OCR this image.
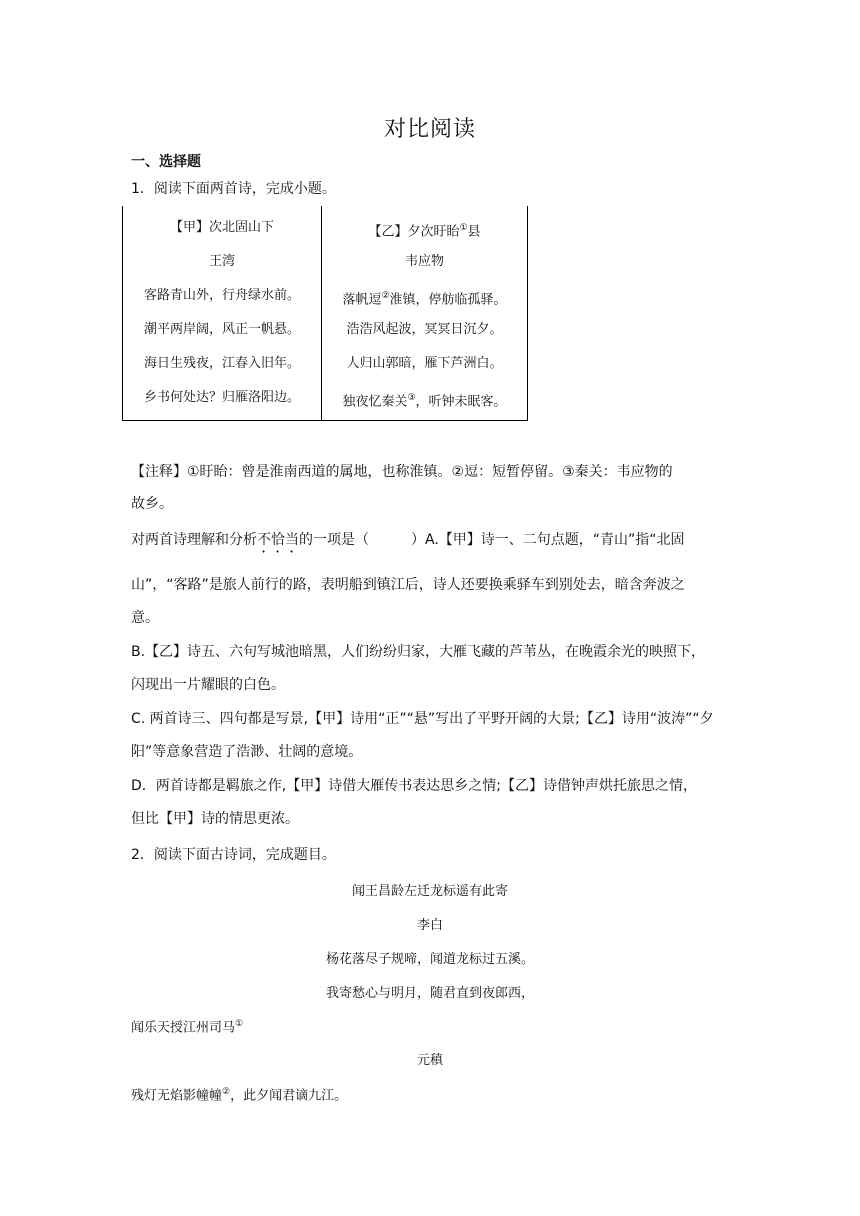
对比阅读
一、选择题
1．阅读下面两首诗，完成小题。
【甲】次北固山下
王湾
客路青山外，行舟绿水前。
潮平两岸阔，风正一帆悬。
海日生残夜，江春入旧年。
乡书何处达？归雁洛阳边。

【乙】夕次盱眙①县
韦应物
落帆逗②淮镇，停舫临孤驿。
浩浩风起波，冥冥日沉夕。
人归山郭暗，雁下芦洲白。
独夜忆秦关③，听钟未眠客。
【注释】①盱眙：曾是淮南西道的属地，也称淮镇。②逗：短暂停留。③秦关：韦应物的
故乡。
对两首诗理解和分析不恰当的一项是（	）A.【甲】诗一、二句点题，“青山”指“北固
山”，“客路”是旅人前行的路，表明船到镇江后，诗人还要换乘驿车到别处去，暗含奔波之
意。
B.【乙】诗五、六句写城池暗黑，人们纷纷归家，大雁飞藏的芦苇丛，在晚霞余光的映照下，
闪现出一片耀眼的白色。
C. 两首诗三、四句都是写景,【甲】诗用“正”“悬”写出了平野开阔的大景;【乙】诗用“波涛”“夕
阳”等意象营造了浩渺、壮阔的意境。
D．两首诗都是羁旅之作,【甲】诗借大雁传书表达思乡之情;【乙】诗借钟声烘托旅思之情，
但比【甲】诗的情思更浓。
2．阅读下面古诗词，完成题目。
闻王昌龄左迁龙标遥有此寄
李白
杨花落尽子规啼，闻道龙标过五溪。
我寄愁心与明月，随君直到夜郎西，
闻乐天授江州司马①
元稹
残灯无焰影幢幢②，此夕闻君谪九江。
